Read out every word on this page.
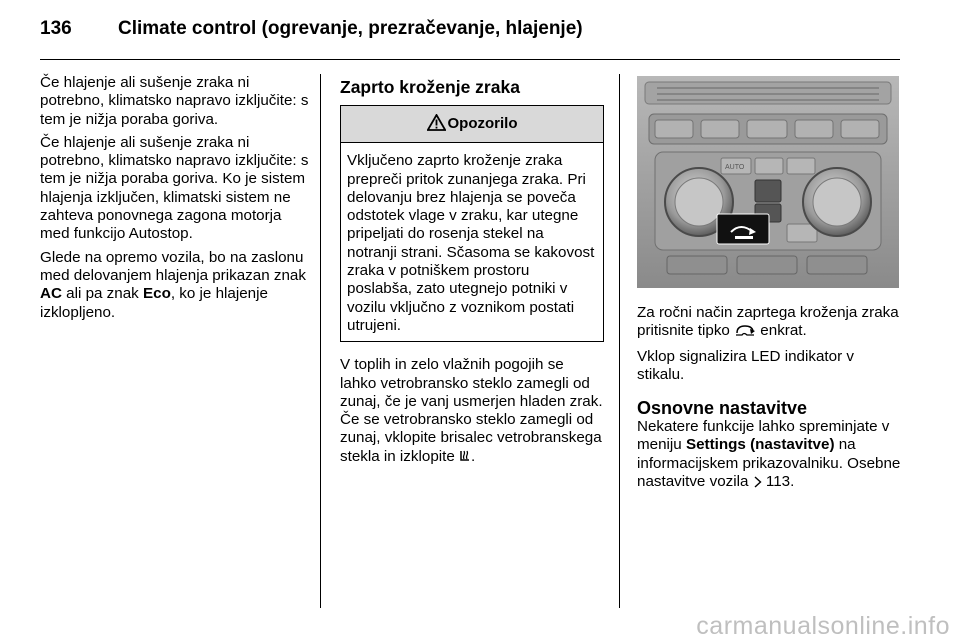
136 Climate control (ogrevanje, prezračevanje, hlajenje)

Če hlajenje ali sušenje zraka ni potrebno, klimatsko napravo izključite: s tem je nižja poraba goriva.

Če hlajenje ali sušenje zraka ni potrebno, klimatsko napravo izključite: s tem je nižja poraba goriva. Ko je sistem hlajenja izključen, klimatski sistem ne zahteva ponovnega zagona motorja med funkcijo Autostop.

Glede na opremo vozila, bo na zaslonu med delovanjem hlajenja prikazan znak AC ali pa znak Eco, ko je hlajenje izklopljeno.

Zaprto kroženje zraka
Opozorilo
Vključeno zaprto kroženje zraka prepreči pritok zunanjega zraka. Pri delovanju brez hlajenja se poveča odstotek vlage v zraku, kar utegne pripeljati do rosenja stekel na notranji strani. Sčasoma se kakovost zraka v potniškem prostoru poslabša, zato utegnejo potniki v vozilu vključno z voznikom postati utrujeni.

V toplih in zelo vlažnih pogojih se lahko vetrobransko steklo zamegli od zunaj, če je vanj usmerjen hladen zrak. Če se vetrobransko steklo zamegli od zunaj, vklopite brisalec vetrobranskega stekla in izklopite .

AUTO

Za ročni način zaprtega kroženja zraka pritisnite tipko  enkrat.

Vklop signalizira LED indikator v stikalu.

Osnovne nastavitve

Nekatere funkcije lahko spreminjate v meniju Settings (nastavitve) na informacijskem prikazovalniku. Osebne nastavitve vozila  113.

carmanualsonline.info
